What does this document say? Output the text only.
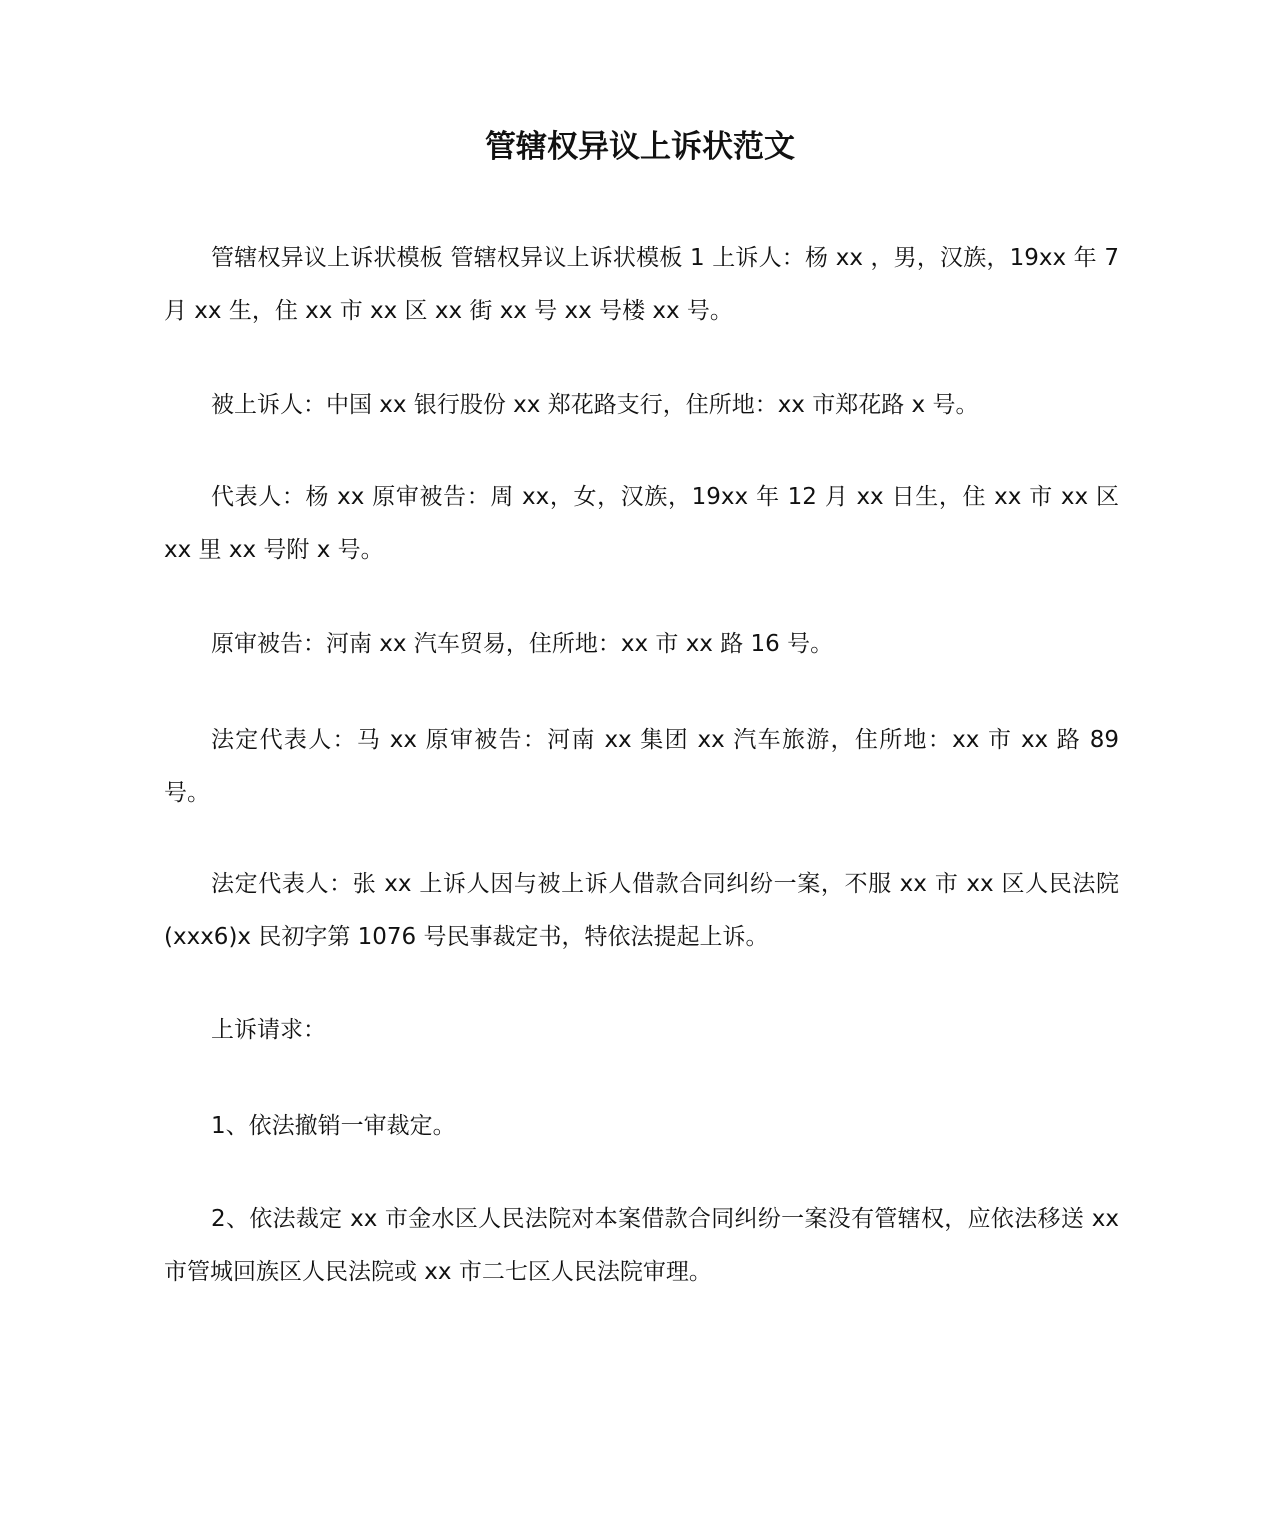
管辖权异议上诉状范文

管辖权异议上诉状模板 管辖权异议上诉状模板 1 上诉人：杨 xx ，男，汉族，19xx 年 7 月 xx 生，住 xx 市 xx 区 xx 街 xx 号 xx 号楼 xx 号。

被上诉人：中国 xx 银行股份 xx 郑花路支行，住所地：xx 市郑花路 x 号。

代表人：杨 xx 原审被告：周 xx，女，汉族，19xx 年 12 月 xx 日生，住 xx 市 xx 区 xx 里 xx 号附 x 号。

原审被告：河南 xx 汽车贸易，住所地：xx 市 xx 路 16 号。

法定代表人：马 xx 原审被告：河南 xx 集团 xx 汽车旅游，住所地：xx 市 xx 路 89 号。

法定代表人：张 xx 上诉人因与被上诉人借款合同纠纷一案，不服 xx 市 xx 区人民法院(xxx6)x 民初字第 1076 号民事裁定书，特依法提起上诉。

上诉请求：

1、依法撤销一审裁定。

2、依法裁定 xx 市金水区人民法院对本案借款合同纠纷一案没有管辖权，应依法移送 xx 市管城回族区人民法院或 xx 市二七区人民法院审理。
